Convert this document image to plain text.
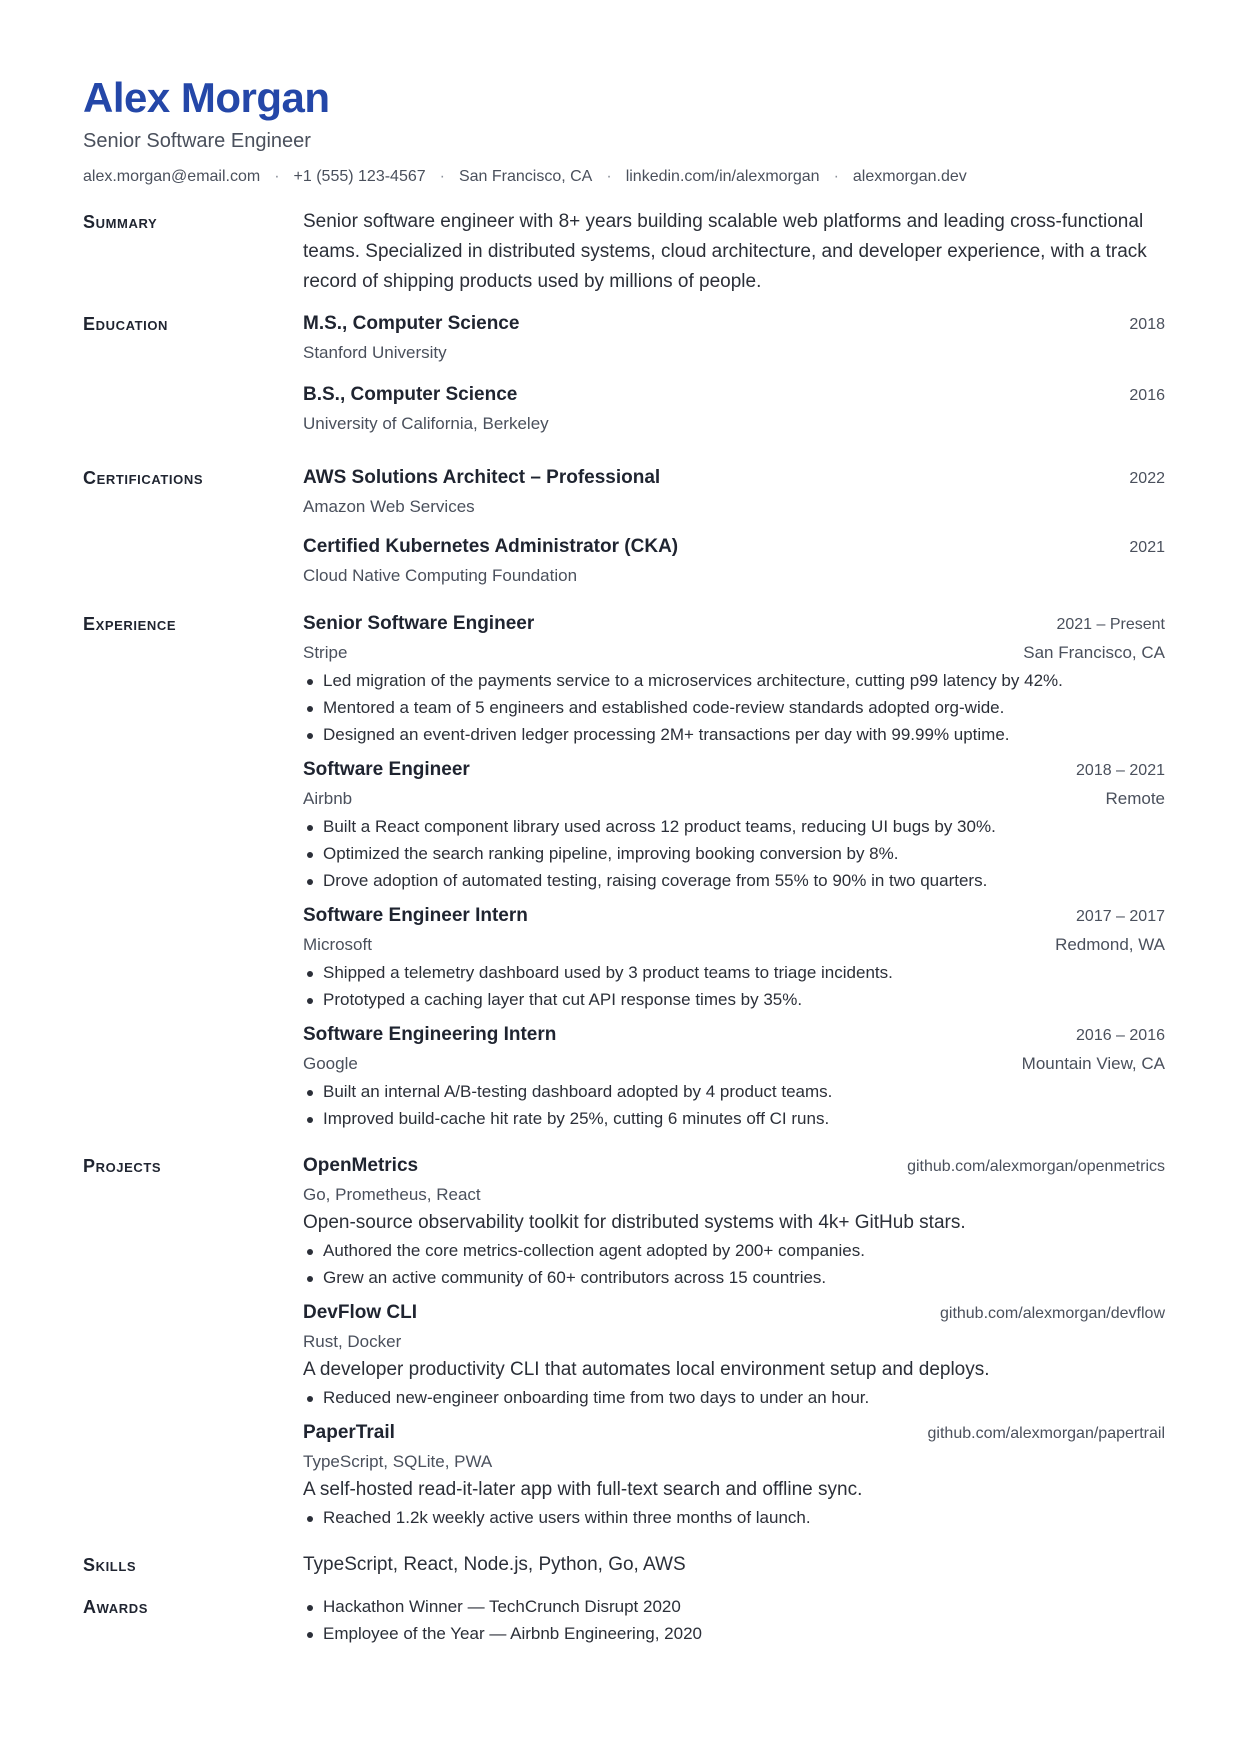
Alex Morgan
Senior Software Engineer
alex.morgan@email.com · +1 (555) 123-4567 · San Francisco, CA · linkedin.com/in/alexmorgan · alexmorgan.dev
Summary	Senior software engineer with 8+ years building scalable web platforms and leading cross-functional teams. Specialized in distributed systems, cloud architecture, and developer experience, with a track record of shipping products used by millions of people.
Education	M.S., Computer Science	2018
Stanford University
B.S., Computer Science	2016
University of California, Berkeley
Certifications	AWS Solutions Architect – Professional	2022
Amazon Web Services
Certified Kubernetes Administrator (CKA)	2021
Cloud Native Computing Foundation
Experience	Senior Software Engineer	2021 – Present
Stripe	San Francisco, CA
Led migration of the payments service to a microservices architecture, cutting p99 latency by 42%.
Mentored a team of 5 engineers and established code-review standards adopted org-wide.
Designed an event-driven ledger processing 2M+ transactions per day with 99.99% uptime.
Software Engineer	2018 – 2021
Airbnb	Remote
Built a React component library used across 12 product teams, reducing UI bugs by 30%.
Optimized the search ranking pipeline, improving booking conversion by 8%.
Drove adoption of automated testing, raising coverage from 55% to 90% in two quarters.
Software Engineer Intern	2017 – 2017
Microsoft	Redmond, WA
Shipped a telemetry dashboard used by 3 product teams to triage incidents.
Prototyped a caching layer that cut API response times by 35%.
Software Engineering Intern	2016 – 2016
Google	Mountain View, CA
Built an internal A/B-testing dashboard adopted by 4 product teams.
Improved build-cache hit rate by 25%, cutting 6 minutes off CI runs.
Projects	OpenMetrics	github.com/alexmorgan/openmetrics
Go, Prometheus, React
Open-source observability toolkit for distributed systems with 4k+ GitHub stars.
Authored the core metrics-collection agent adopted by 200+ companies.
Grew an active community of 60+ contributors across 15 countries.
DevFlow CLI	github.com/alexmorgan/devflow
Rust, Docker
A developer productivity CLI that automates local environment setup and deploys.
Reduced new-engineer onboarding time from two days to under an hour.
PaperTrail	github.com/alexmorgan/papertrail
TypeScript, SQLite, PWA
A self-hosted read-it-later app with full-text search and offline sync.
Reached 1.2k weekly active users within three months of launch.
Skills	TypeScript, React, Node.js, Python, Go, AWS
Awards	Hackathon Winner — TechCrunch Disrupt 2020
Employee of the Year — Airbnb Engineering, 2020
